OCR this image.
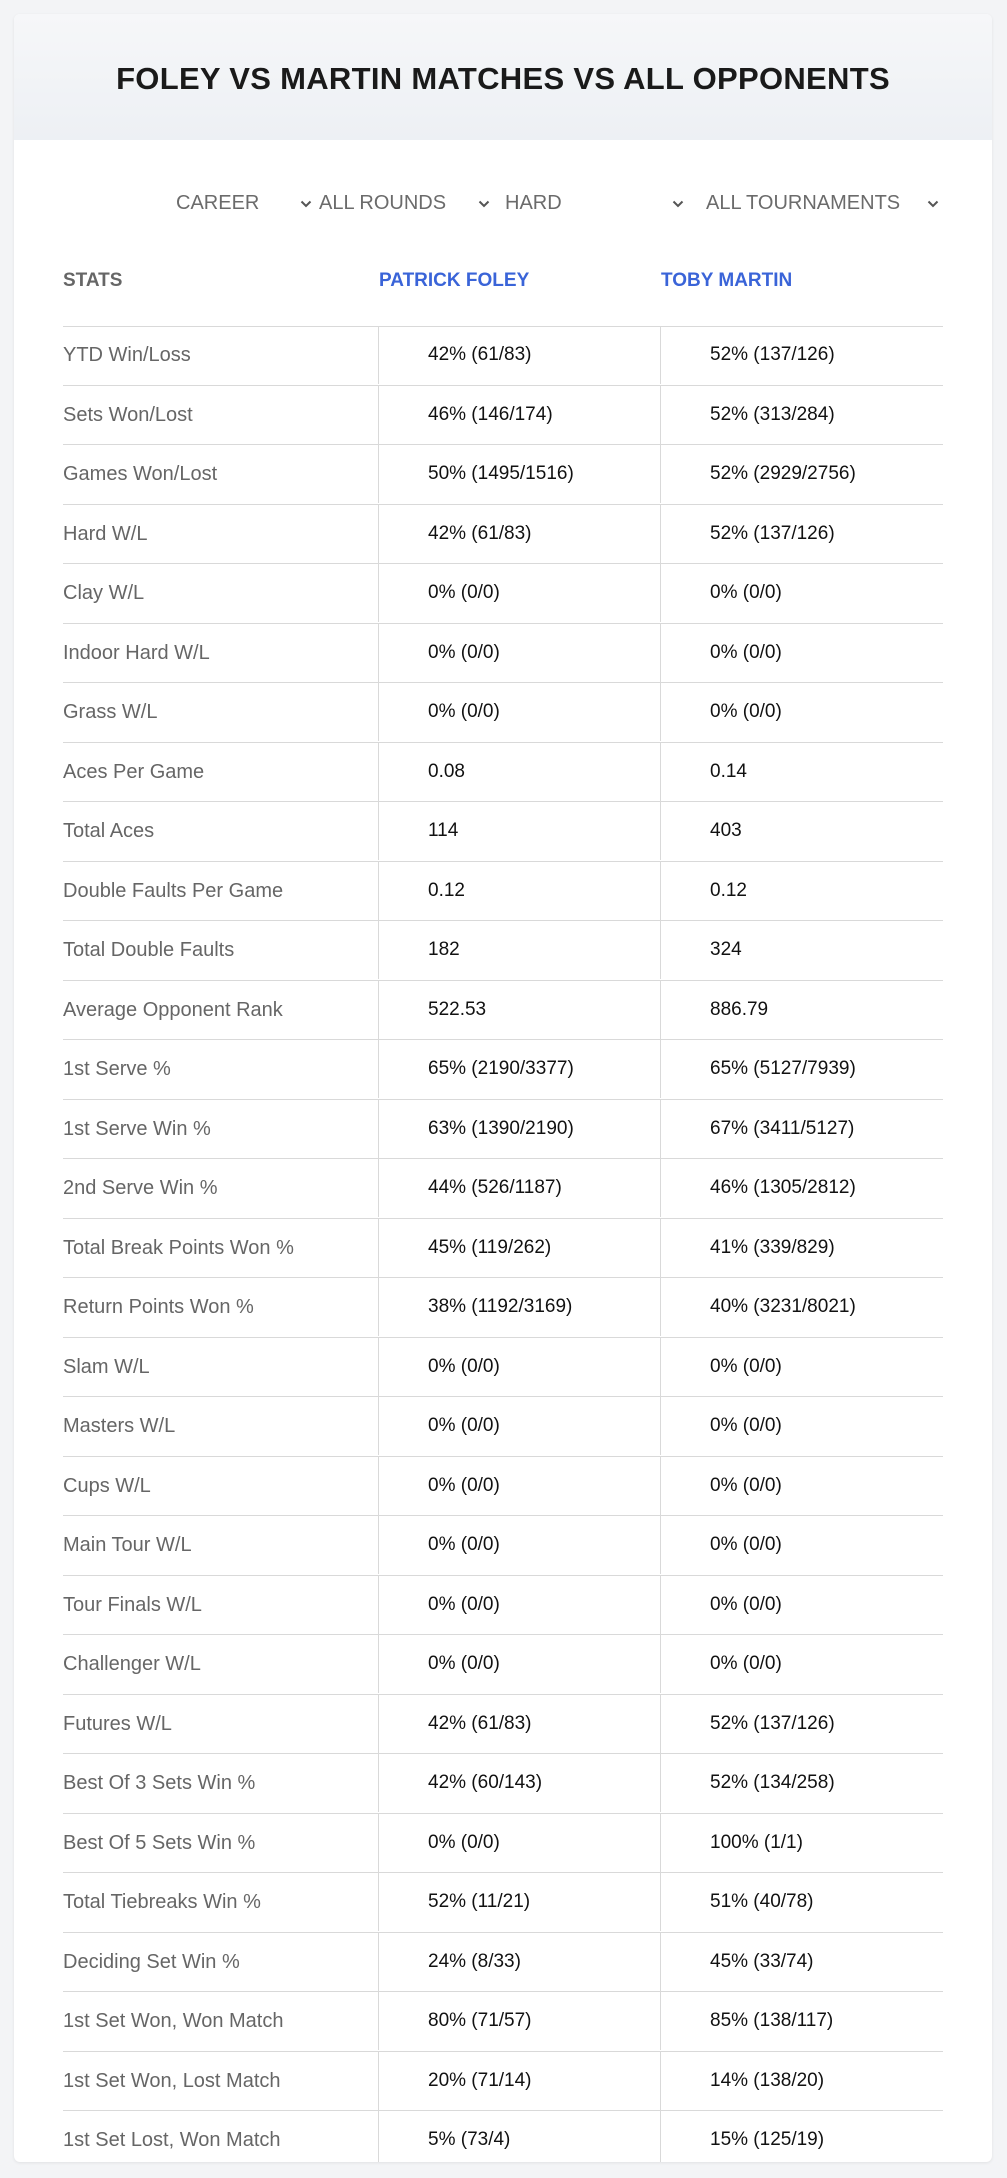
FOLEY VS MARTIN MATCHES VS ALL OPPONENTS
CAREER	ALL ROUNDS	HARD	ALL TOURNAMENTS
STATS	PATRICK FOLEY	TOBY MARTIN
YTD Win/Loss	42% (61/83)	52% (137/126)
Sets Won/Lost	46% (146/174)	52% (313/284)
Games Won/Lost	50% (1495/1516)	52% (2929/2756)
Hard W/L	42% (61/83)	52% (137/126)
Clay W/L	0% (0/0)	0% (0/0)
Indoor Hard W/L	0% (0/0)	0% (0/0)
Grass W/L	0% (0/0)	0% (0/0)
Aces Per Game	0.08	0.14
Total Aces	114	403
Double Faults Per Game	0.12	0.12
Total Double Faults	182	324
Average Opponent Rank	522.53	886.79
1st Serve %	65% (2190/3377)	65% (5127/7939)
1st Serve Win %	63% (1390/2190)	67% (3411/5127)
2nd Serve Win %	44% (526/1187)	46% (1305/2812)
Total Break Points Won %	45% (119/262)	41% (339/829)
Return Points Won %	38% (1192/3169)	40% (3231/8021)
Slam W/L	0% (0/0)	0% (0/0)
Masters W/L	0% (0/0)	0% (0/0)
Cups W/L	0% (0/0)	0% (0/0)
Main Tour W/L	0% (0/0)	0% (0/0)
Tour Finals W/L	0% (0/0)	0% (0/0)
Challenger W/L	0% (0/0)	0% (0/0)
Futures W/L	42% (61/83)	52% (137/126)
Best Of 3 Sets Win %	42% (60/143)	52% (134/258)
Best Of 5 Sets Win %	0% (0/0)	100% (1/1)
Total Tiebreaks Win %	52% (11/21)	51% (40/78)
Deciding Set Win %	24% (8/33)	45% (33/74)
1st Set Won, Won Match	80% (71/57)	85% (138/117)
1st Set Won, Lost Match	20% (71/14)	14% (138/20)
1st Set Lost, Won Match	5% (73/4)	15% (125/19)
